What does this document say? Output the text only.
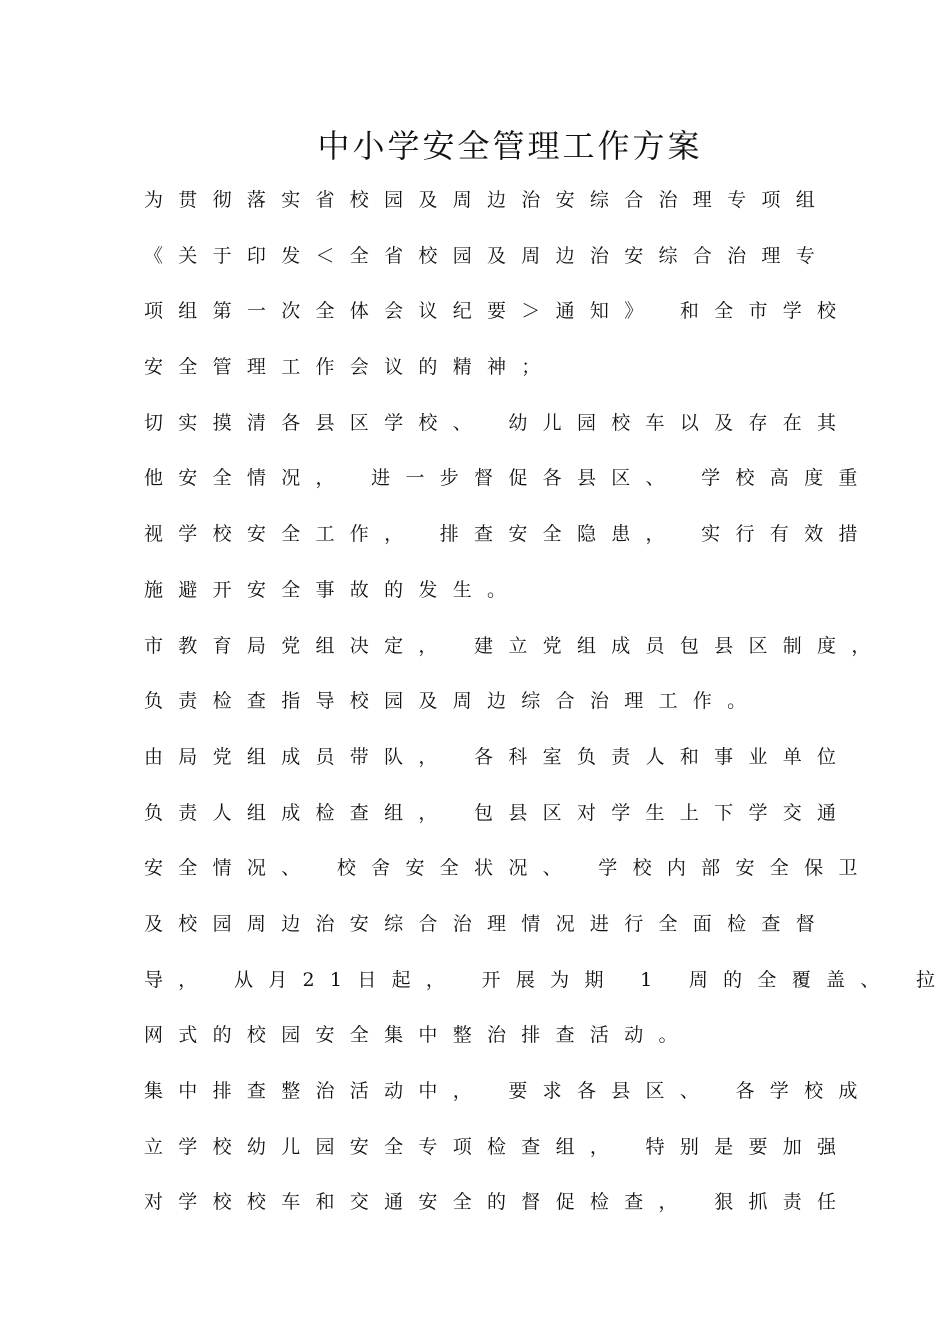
中小学安全管理工作方案
为贯彻落实省校园及周边治安综合治理专项组
《关于印发＜全省校园及周边治安综合治理专
项组第一次全体会议纪要＞通知》 和全市学校
安全管理工作会议的精神；
切实摸清各县区学校、 幼儿园校车以及存在其
他安全情况， 进一步督促各县区、 学校高度重
视学校安全工作， 排查安全隐患， 实行有效措
施避开安全事故的发生。
市教育局党组决定， 建立党组成员包县区制度，
负责检查指导校园及周边综合治理工作。
由局党组成员带队， 各科室负责人和事业单位
负责人组成检查组， 包县区对学生上下学交通
安全情况、 校舍安全状况、 学校内部安全保卫
及校园周边治安综合治理情况进行全面检查督
导， 从月21日起， 开展为期 1 周的全覆盖、 拉
网式的校园安全集中整治排查活动。
集中排查整治活动中， 要求各县区、 各学校成
立学校幼儿园安全专项检查组， 特别是要加强
对学校校车和交通安全的督促检查， 狠抓责任
